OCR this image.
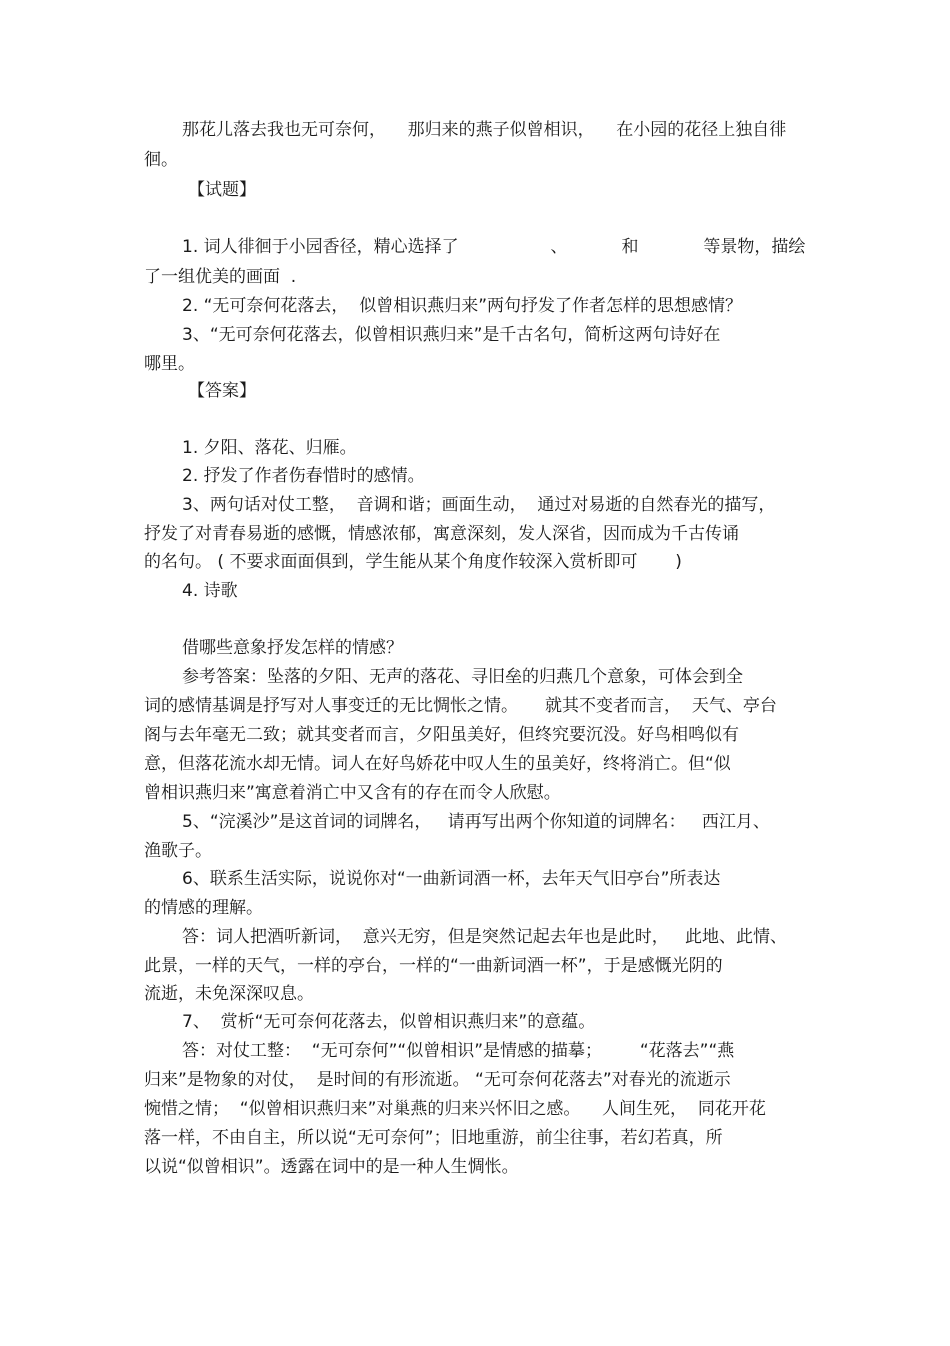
那花儿落去我也无可奈何，    那归来的燕子似曾相识，    在小园的花径上独自徘
徊。
【试题】
1. 词人徘徊于小园香径，精心选择了                 、          和            等景物，描绘
了一组优美的画面  .
2. “无可奈何花落去，  似曾相识燕归来”两句抒发了作者怎样的思想感情？
3、“无可奈何花落去，似曾相识燕归来”是千古名句，简析这两句诗好在
哪里。
【答案】
1. 夕阳、落花、归雁。
2. 抒发了作者伤春惜时的感情。
3、两句话对仗工整，  音调和谐；画面生动，  通过对易逝的自然春光的描写，
抒发了对青春易逝的感慨，情感浓郁，寓意深刻，发人深省，因而成为千古传诵
的名句。 ( 不要求面面俱到，学生能从某个角度作较深入赏析即可       )
4. 诗歌
借哪些意象抒发怎样的情感？
参考答案：坠落的夕阳、无声的落花、寻旧垒的归燕几个意象，可体会到全
词的感情基调是抒写对人事变迁的无比惆怅之情。     就其不变者而言，  天气、亭台
阁与去年毫无二致；就其变者而言，夕阳虽美好，但终究要沉没。好鸟相鸣似有
意，但落花流水却无情。词人在好鸟娇花中叹人生的虽美好，终将消亡。但“似
曾相识燕归来”寓意着消亡中又含有的存在而令人欣慰。
5、“浣溪沙”是这首词的词牌名，   请再写出两个你知道的词牌名：   西江月、
渔歌子。
6、联系生活实际，说说你对“一曲新词酒一杯，去年天气旧亭台”所表达
的情感的理解。
答：词人把酒听新词，  意兴无穷，但是突然记起去年也是此时，   此地、此情、
此景，一样的天气，一样的亭台，一样的“一曲新词酒一杯”，于是感慨光阴的
流逝，未免深深叹息。
7、  赏析“无可奈何花落去，似曾相识燕归来”的意蕴。
答：对仗工整：  “无可奈何”“似曾相识”是情感的描摹；       “花落去”“燕
归来”是物象的对仗，  是时间的有形流逝。 “无可奈何花落去”对春光的流逝示
惋惜之情；  “似曾相识燕归来”对巢燕的归来兴怀旧之感。    人间生死，  同花开花
落一样，不由自主，所以说“无可奈何”；旧地重游，前尘往事，若幻若真，所
以说“似曾相识”。透露在词中的是一种人生惆怅。
